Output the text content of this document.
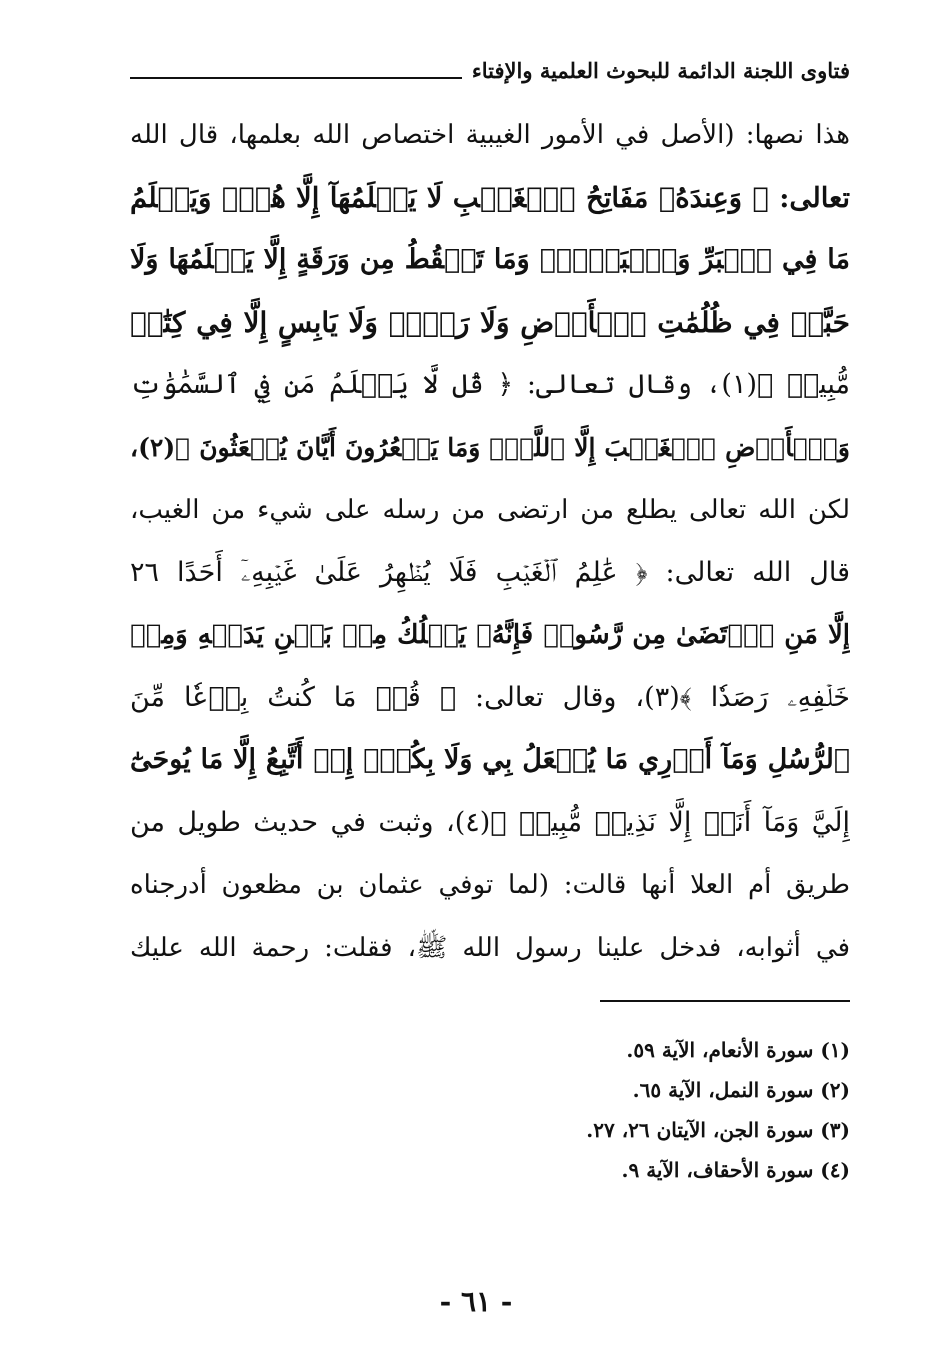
فتاوى اللجنة الدائمة للبحوث العلمية والإفتاء
هذا نصها: (الأصل في الأمور الغيبية اختصاص الله بعلمها، قال الله
تعالى: ﴿ وَعِندَهُۥ مَفَاتِحُ ٱلۡغَيۡبِ لَا يَعۡلَمُهَآ إِلَّا هُوَۚ وَيَعۡلَمُ
مَا فِي ٱلۡبَرِّ وَٱلۡبَحۡرِۚ وَمَا تَسۡقُطُ مِن وَرَقَةٍ إِلَّا يَعۡلَمُهَا وَلَا
حَبَّةٖ فِي ظُلُمَٰتِ ٱلۡأَرۡضِ وَلَا رَطۡبٖ وَلَا يَابِسٍ إِلَّا فِي كِتَٰبٖ
مُّبِينٖ ﴾(١)، وقال تعالى: ﴿ قُل لَّا يَعۡلَمُ مَن فِي ٱلسَّمَٰوَٰتِ
وَٱلۡأَرۡضِ ٱلۡغَيۡبَ إِلَّا ٱللَّهُۚ وَمَا يَشۡعُرُونَ أَيَّانَ يُبۡعَثُونَ ﴾(٢)،
لكن الله تعالى يطلع من ارتضى من رسله على شيء من الغيب،
قال الله تعالى: ﴿ عَٰلِمُ ٱلۡغَيۡبِ فَلَا يُظۡهِرُ عَلَىٰ غَيۡبِهِۦٓ أَحَدًا ٢٦
إِلَّا مَنِ ٱرۡتَضَىٰ مِن رَّسُولٖ فَإِنَّهُۥ يَسۡلُكُ مِنۢ بَيۡنِ يَدَيۡهِ وَمِنۡ
خَلۡفِهِۦ رَصَدٗا ﴾(٣)، وقال تعالى: ﴿ قُلۡ مَا كُنتُ بِدۡعٗا مِّنَ
ٱلرُّسُلِ وَمَآ أَدۡرِي مَا يُفۡعَلُ بِي وَلَا بِكُمۡۖ إِنۡ أَتَّبِعُ إِلَّا مَا يُوحَىٰٓ
إِلَيَّ وَمَآ أَنَا۠ إِلَّا نَذِيرٞ مُّبِينٞ ﴾(٤)، وثبت في حديث طويل من
طريق أم العلا أنها قالت: (لما توفي عثمان بن مظعون أدرجناه
في أثوابه، فدخل علينا رسول الله ﷺ، فقلت: رحمة الله عليك
(١) سورة الأنعام، الآية ٥٩.
(٢) سورة النمل، الآية ٦٥.
(٣) سورة الجن، الآيتان ٢٦، ٢٧.
(٤) سورة الأحقاف، الآية ٩.
- ٦١ -
